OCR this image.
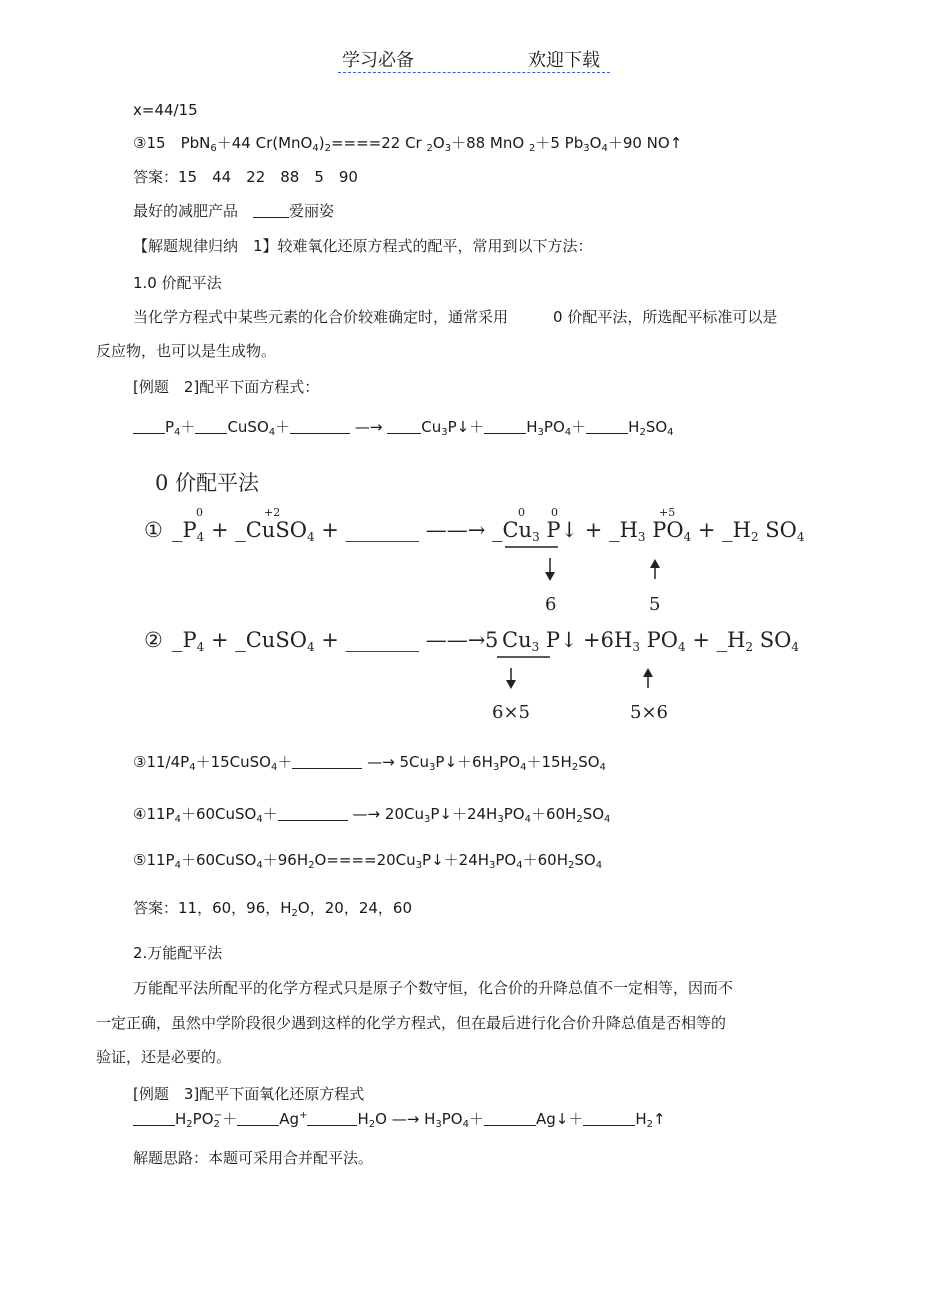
学习必备	欢迎下载
x=44/15
③15　 PbN$_6$＋44 $Cr(MnO_4)_2====22$ Cr $_2O_3+88$ MnO $_2$＋5 $Pb_3O_4+90$ NO↑
答案：15　44　22　88　5　90
最好的减肥产品　	爱丽姿
【解题规律归纳　1】较难氧化还原方程式的配平，常用到以下方法：
1.0 价配平法
当化学方程式中某些元素的化合价较难确定时，通常采用　　　0 价配平法，所选配平标准可以是
反应物，也可以是生成物。
[例题　2]配平下面方程式：
$P_4+$ CuSO$_4$＋	—→	$Cu_3P↓+$	$H_3PO_4+$	$H_2SO_4$
0 价配平法
①
0	+2	0 0	+5
_P4 + _CuSO4 + _______ ——→ _Cu3 P↓ + _H3 PO4 + _H2 SO4
6	5
② _P4 + _CuSO4 + _______ ——→ 5 Cu3 P↓ +6 H3 PO4 + _H2 SO4
6×5	5×6
$③11/4P_4+15CuSO_4+$	—→ $5Cu_3P↓+6H_3PO_4+15H_2SO_4$
$④11P_4+60CuSO_4+$	—→ $20Cu_3P↓+24H_3PO_4+60H_2SO_4$
$⑤11P_4+60CuSO_4+96H_2O====20Cu_3P↓+24H_3PO_4+60H_2SO_4$
答案：11，60，96，$H_2O$，20，24，60
2.万能配平法
万能配平法所配平的化学方程式只是原子个数守恒，化合价的升降总值不一定相等，因而不
一定正确，虽然中学阶段很少遇到这样的化学方程式，但在最后进行化合价升降总值是否相等的
验证，还是必要的。
[例题　3]配平下面氧化还原方程式
$H_2PO_2^-+$	Ag+	$H_2O$ —→ $H_3PO_4+$	Ag↓＋	$H_2↑$
解题思路：本题可采用合并配平法。
